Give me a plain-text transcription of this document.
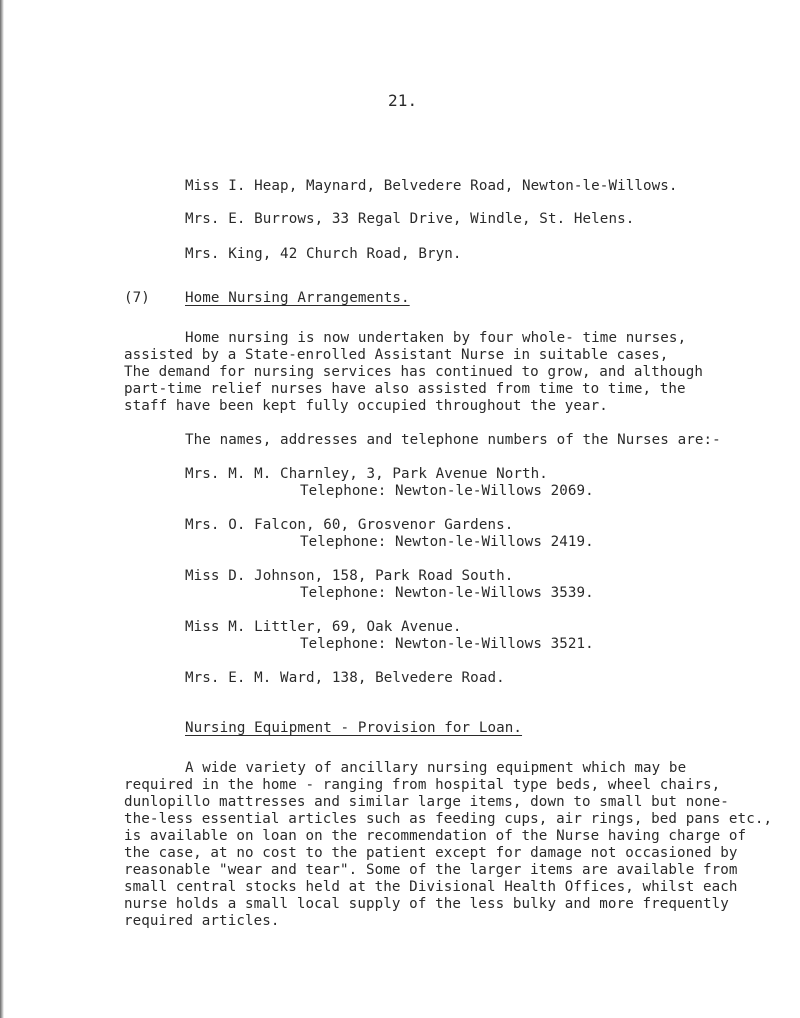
21.
Miss I. Heap, Maynard, Belvedere Road, Newton-le-Willows.
Mrs. E. Burrows, 33 Regal Drive, Windle, St. Helens.
Mrs. King, 42 Church Road, Bryn.
(7) Home Nursing Arrangements.
Home nursing is now undertaken by four whole- time nurses,
assisted by a State-enrolled Assistant Nurse in suitable cases,
The demand for nursing services has continued to grow, and although
part-time relief nurses have also assisted from time to time, the
staff have been kept fully occupied throughout the year.
The names, addresses and telephone numbers of the Nurses are:-
Mrs. M. M. Charnley, 3, Park Avenue North.
Telephone: Newton-le-Willows 2069.
Mrs. O. Falcon, 60, Grosvenor Gardens.
Telephone: Newton-le-Willows 2419.
Miss D. Johnson, 158, Park Road South.
Telephone: Newton-le-Willows 3539.
Miss M. Littler, 69, Oak Avenue.
Telephone: Newton-le-Willows 3521.
Mrs. E. M. Ward, 138, Belvedere Road.
Nursing Equipment - Provision for Loan.
A wide variety of ancillary nursing equipment which may be
required in the home - ranging from hospital type beds, wheel chairs,
dunlopillo mattresses and similar large items, down to small but none-
the-less essential articles such as feeding cups, air rings, bed pans etc.,
is available on loan on the recommendation of the Nurse having charge of
the case, at no cost to the patient except for damage not occasioned by
reasonable "wear and tear". Some of the larger items are available from
small central stocks held at the Divisional Health Offices, whilst each
nurse holds a small local supply of the less bulky and more frequently
required articles.
